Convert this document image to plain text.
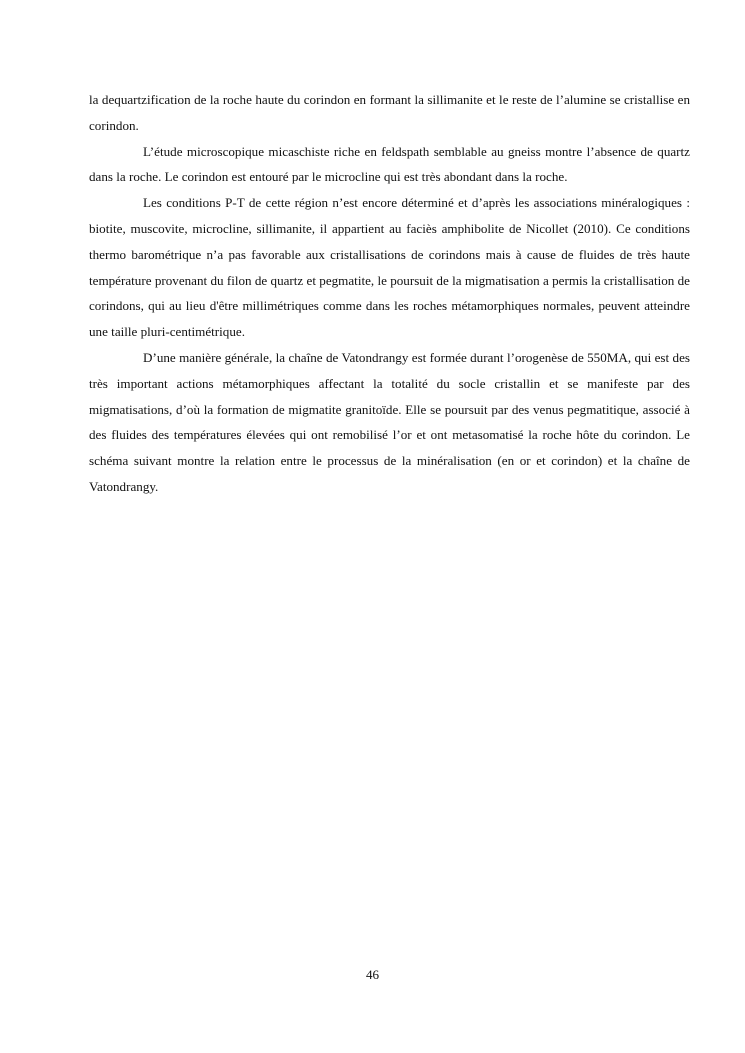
la dequartzification de la roche haute du corindon en formant la sillimanite et le reste de l’alumine se cristallise en corindon.

L’étude microscopique micaschiste riche en feldspath semblable au gneiss montre l’absence de quartz dans la roche. Le corindon est entouré par le microcline qui est très abondant dans la roche.

Les conditions P-T de cette région n’est encore déterminé et d’après les associations minéralogiques : biotite, muscovite, microcline, sillimanite, il appartient au faciès amphibolite de Nicollet (2010). Ce conditions thermo barométrique n’a pas favorable aux cristallisations de corindons mais à cause de fluides de très haute température provenant du filon de quartz et pegmatite, le poursuit de la migmatisation a permis la cristallisation de corindons, qui au lieu d'être millimétriques comme dans les roches métamorphiques normales, peuvent atteindre une taille pluri-centimétrique.

D’une manière générale, la chaîne de Vatondrangy est formée durant l’orogenèse de 550MA, qui est des très important actions métamorphiques affectant la totalité du socle cristallin et se manifeste par des migmatisations, d’où la formation de migmatite granitoïde. Elle se poursuit par des venus pegmatitique, associé à des fluides des températures élevées qui ont remobilisé l’or et ont metasomatisé la roche hôte du corindon. Le schéma suivant montre la relation entre le processus de la minéralisation (en or et corindon) et la chaîne de Vatondrangy.

46
